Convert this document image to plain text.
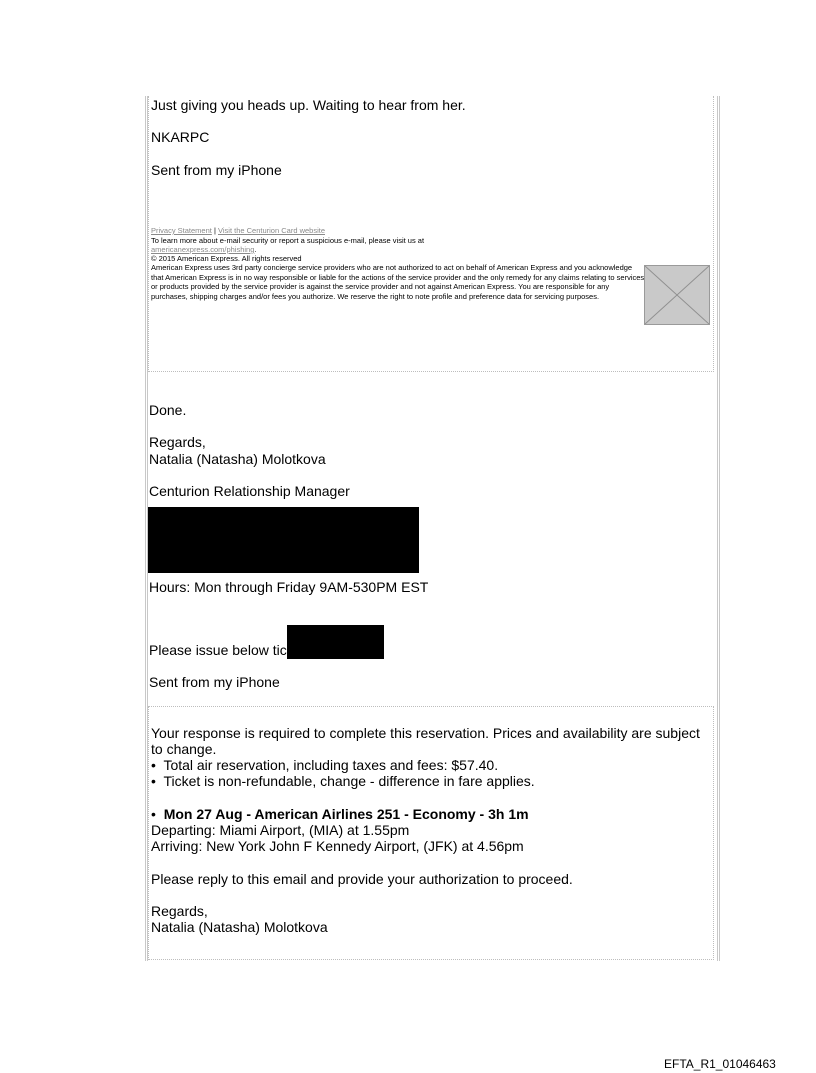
Just giving you heads up. Waiting to hear from her.
NKARPC
Sent from my iPhone
Privacy Statement | Visit the Centurion Card website
To learn more about e-mail security or report a suspicious e-mail, please visit us at
americanexpress.com/phishing.
© 2015 American Express. All rights reserved
American Express uses 3rd party concierge service providers who are not authorized to act on behalf of American Express and you acknowledge that American Express is in no way responsible or liable for the actions of the service provider and the only remedy for any claims relating to services or products provided by the service provider is against the service provider and not against American Express. You are responsible for any purchases, shipping charges and/or fees you authorize. We reserve the right to note profile and preference data for servicing purposes.
Done.
Regards,
Natalia (Natasha) Molotkova
Centurion Relationship Manager
Hours: Mon through Friday 9AM-530PM EST
Please issue below tic
Sent from my iPhone
Your response is required to complete this reservation. Prices and availability are subject
to change.
• Total air reservation, including taxes and fees: $57.40.
• Ticket is non-refundable, change - difference in fare applies.
• Mon 27 Aug - American Airlines 251 - Economy - 3h 1m
Departing: Miami Airport, (MIA) at 1.55pm
Arriving: New York John F Kennedy Airport, (JFK) at 4.56pm
Please reply to this email and provide your authorization to proceed.
Regards,
Natalia (Natasha) Molotkova
EFTA_R1_01046463
